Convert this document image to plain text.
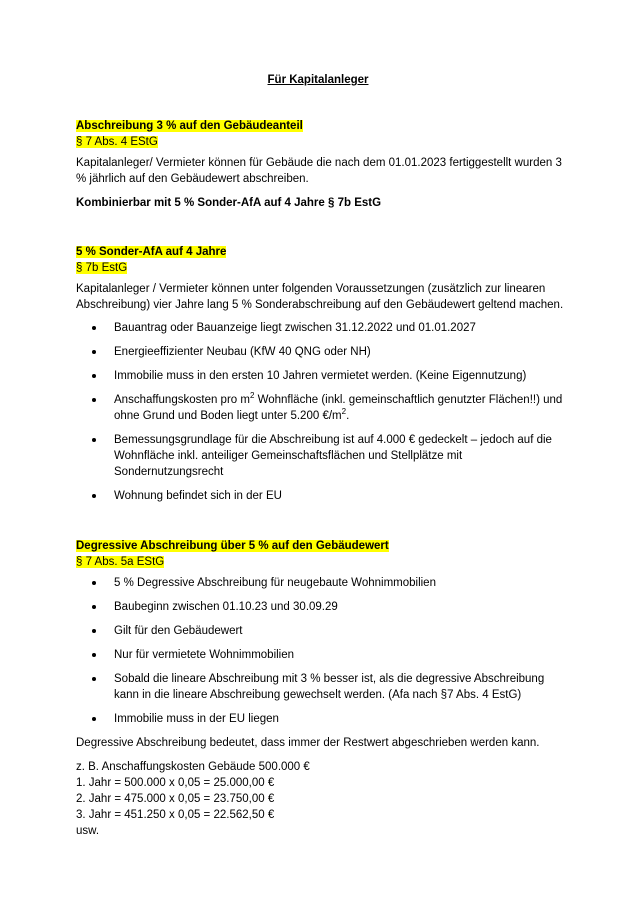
Für Kapitalanleger
Abschreibung 3 % auf den Gebäudeanteil
§ 7 Abs. 4 EStG

Kapitalanleger/ Vermieter können für Gebäude die nach dem 01.01.2023 fertiggestellt wurden 3 % jährlich auf den Gebäudewert abschreiben.

Kombinierbar mit 5 % Sonder-AfA auf 4 Jahre § 7b EstG

5 % Sonder-AfA auf 4 Jahre
§ 7b EstG

Kapitalanleger / Vermieter können unter folgenden Voraussetzungen (zusätzlich zur linearen Abschreibung) vier Jahre lang 5 % Sonderabschreibung auf den Gebäudewert geltend machen.

Bauantrag oder Bauanzeige liegt zwischen 31.12.2022 und 01.01.2027
Energieeffizienter Neubau (KfW 40 QNG oder NH)
Immobilie muss in den ersten 10 Jahren vermietet werden. (Keine Eigennutzung)
Anschaffungskosten pro $m^2$ Wohnfläche (inkl. gemeinschaftlich genutzter Flächen!!) und ohne Grund und Boden liegt unter 5.200 $€/m^2$.
Bemessungsgrundlage für die Abschreibung ist auf 4.000 € gedeckelt – jedoch auf die Wohnfläche inkl. anteiliger Gemeinschaftsflächen und Stellplätze mit Sondernutzungsrecht
Wohnung befindet sich in der EU
Degressive Abschreibung über 5 % auf den Gebäudewert
§ 7 Abs. 5a EStG
5 % Degressive Abschreibung für neugebaute Wohnimmobilien
Baubeginn zwischen 01.10.23 und 30.09.29
Gilt für den Gebäudewert
Nur für vermietete Wohnimmobilien
Sobald die lineare Abschreibung mit 3 % besser ist, als die degressive Abschreibung kann in die lineare Abschreibung gewechselt werden. (Afa nach §7 Abs. 4 EstG)
Immobilie muss in der EU liegen

Degressive Abschreibung bedeutet, dass immer der Restwert abgeschrieben werden kann.

z. B. Anschaffungskosten Gebäude 500.000 €

1. Jahr = 500.000 x 0,05 = 25.000,00 €

2. Jahr = 475.000 x 0,05 = 23.750,00 €

3. Jahr = 451.250 x 0,05 = 22.562,50 €

usw.
